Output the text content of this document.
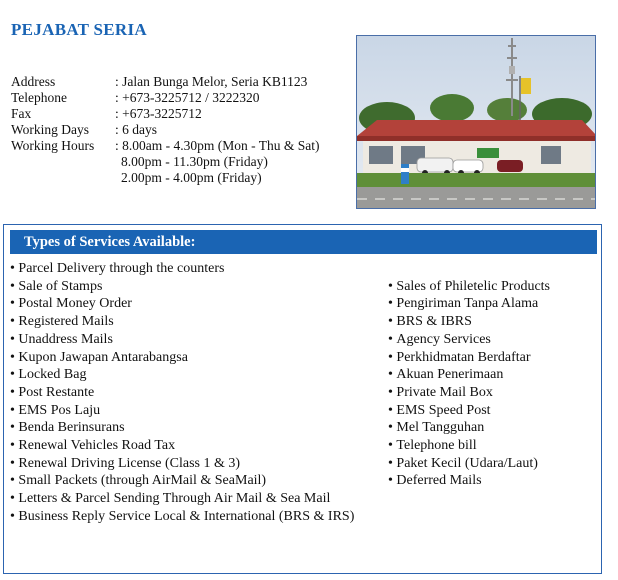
PEJABAT SERIA
Address	: Jalan Bunga Melor, Seria KB1123
Telephone	: +673-3225712 / 3222320
Fax	: +673-3225712
Working Days	: 6 days
Working Hours	: 8.00am - 4.30pm (Mon - Thu & Sat)
8.00pm - 11.30pm (Friday)
2.00pm - 4.00pm (Friday)
Types of Services Available:
• Parcel Delivery through the counters
• Sale of Stamps
• Postal Money Order
• Registered Mails
• Unaddress Mails
• Kupon Jawapan Antarabangsa
• Locked Bag
• Post Restante
• EMS Pos Laju
• Benda Berinsurans
• Renewal Vehicles Road Tax
• Renewal Driving License (Class 1 & 3)
• Small Packets (through AirMail & SeaMail)
• Letters & Parcel Sending Through Air Mail & Sea Mail
• Business Reply Service Local & International (BRS & IRS)
• Sales of Philetelic Products
• Pengiriman Tanpa Alama
• BRS & IBRS
• Agency Services
• Perkhidmatan Berdaftar
• Akuan Penerimaan
• Private Mail Box
• EMS Speed Post
• Mel Tangguhan
• Telephone bill
• Paket Kecil (Udara/Laut)
• Deferred Mails
